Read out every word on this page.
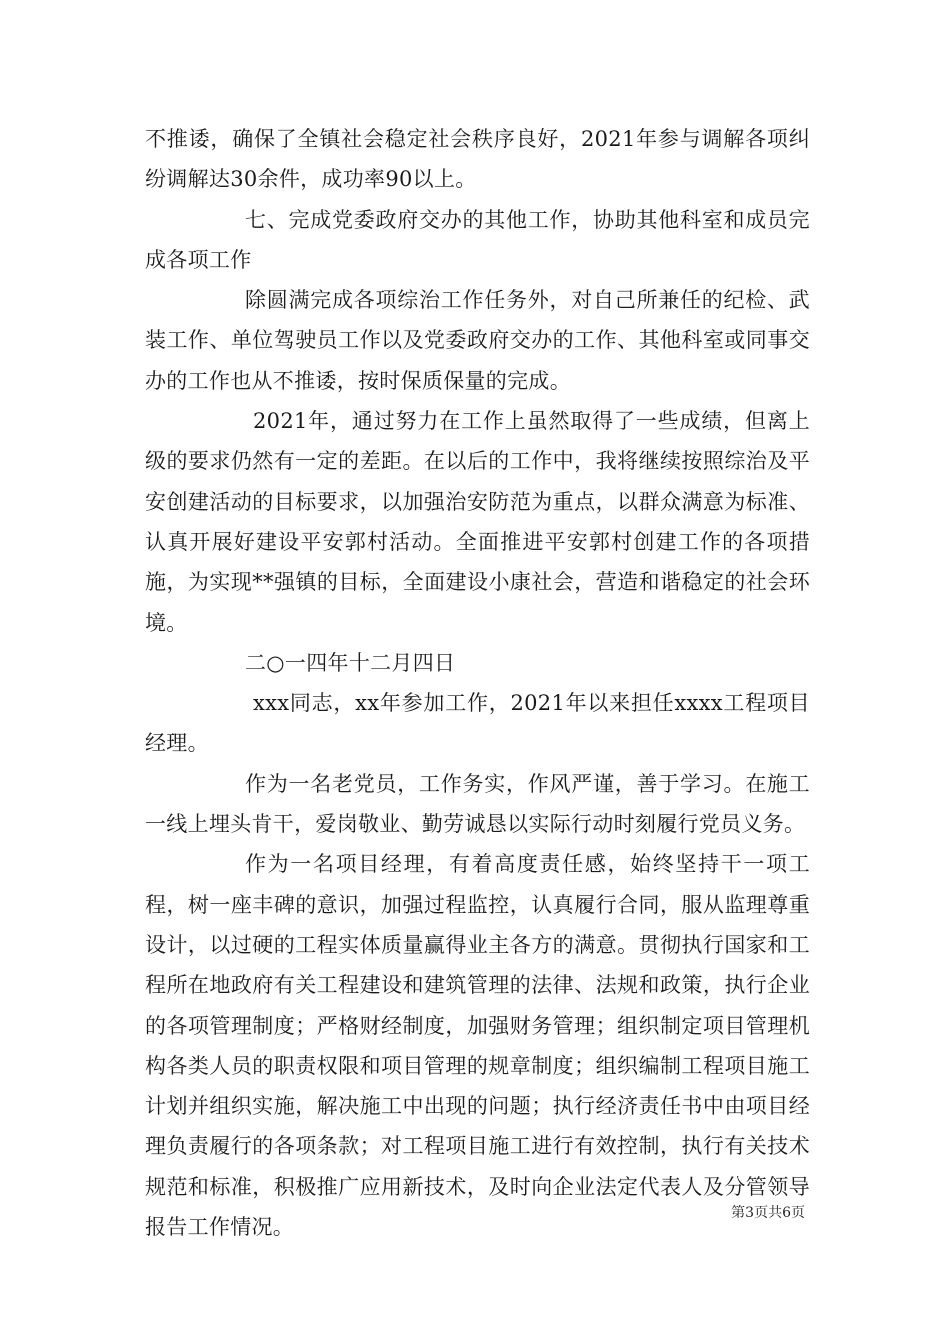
不推诿，确保了全镇社会稳定社会秩序良好，2021年参与调解各项纠纷调解达30余件，成功率90以上。

七、完成党委政府交办的其他工作，协助其他科室和成员完成各项工作

除圆满完成各项综治工作任务外，对自己所兼任的纪检、武装工作、单位驾驶员工作以及党委政府交办的工作、其他科室或同事交办的工作也从不推诿，按时保质保量的完成。

2021年，通过努力在工作上虽然取得了一些成绩，但离上级的要求仍然有一定的差距。在以后的工作中，我将继续按照综治及平安创建活动的目标要求，以加强治安防范为重点，以群众满意为标准、认真开展好建设平安郭村活动。全面推进平安郭村创建工作的各项措施，为实现**强镇的目标，全面建设小康社会，营造和谐稳定的社会环境。

二○一四年十二月四日

xxx同志，xx年参加工作，2021年以来担任xxxx工程项目经理。

作为一名老党员，工作务实，作风严谨，善于学习。在施工一线上埋头肯干，爱岗敬业、勤劳诚恳以实际行动时刻履行党员义务。

作为一名项目经理，有着高度责任感，始终坚持干一项工程，树一座丰碑的意识，加强过程监控，认真履行合同，服从监理尊重设计，以过硬的工程实体质量赢得业主各方的满意。贯彻执行国家和工程所在地政府有关工程建设和建筑管理的法律、法规和政策，执行企业的各项管理制度；严格财经制度，加强财务管理；组织制定项目管理机构各类人员的职责权限和项目管理的规章制度；组织编制工程项目施工计划并组织实施，解决施工中出现的问题；执行经济责任书中由项目经理负责履行的各项条款；对工程项目施工进行有效控制，执行有关技术规范和标准，积极推广应用新技术，及时向企业法定代表人及分管领导报告工作情况。

第3页共6页
